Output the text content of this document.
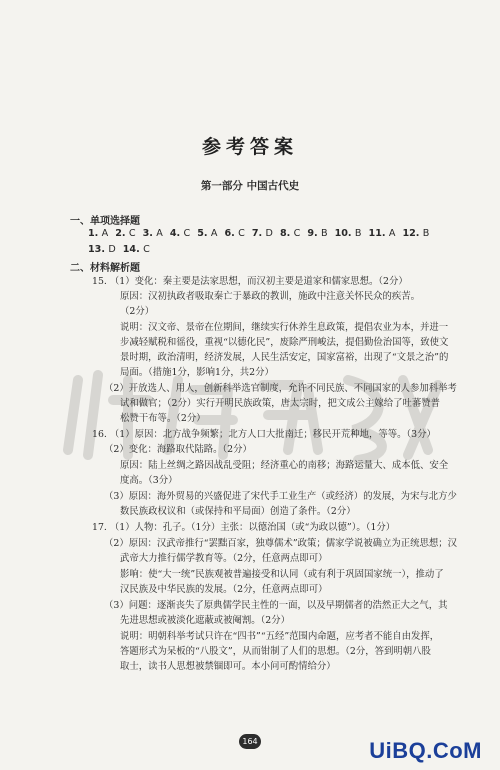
参考答案
第一部分 中国古代史
一、单项选择题
1. A 2. C 3. A 4. C 5. A 6. C 7. D 8. C 9. B 10. B 11. A 12. B
13. D 14. C
二、材料解析题
15. （1）变化：秦主要是法家思想，而汉初主要是道家和儒家思想。（2分）
原因：汉初执政者吸取秦亡于暴政的教训，施政中注意关怀民众的疾苦。
（2分）
说明：汉文帝、景帝在位期间，继续实行休养生息政策，提倡农业为本，并进一
步减轻赋税和徭役，重视“以德化民”，废除严刑峻法，提倡勤俭治国等，致使文
景时期，政治清明，经济发展，人民生活安定，国家富裕，出现了“文景之治”的
局面。（措施1分，影响1分，共2分）
（2）开放选人、用人，创新科举选官制度，允许不同民族、不同国家的人参加科举考
试和做官；（2分）实行开明民族政策，唐太宗时，把文成公主嫁给了吐蕃赞普
松赞干布等。（2分）
16. （1）原因：北方战争频繁；北方人口大批南迁；移民开荒种地，等等。（3分）
（2）变化：海路取代陆路。（2分）
原因：陆上丝绸之路因战乱受阻；经济重心的南移；海路运量大、成本低、安全
度高。（3分）
（3）原因：海外贸易的兴盛促进了宋代手工业生产（或经济）的发展，为宋与北方少
数民族政权议和（或保持和平局面）创造了条件。（2分）
17. （1）人物：孔子。（1分）主张：以德治国（或“为政以德”）。（1分）
（2）原因：汉武帝推行“罢黜百家，独尊儒术”政策；儒家学说被确立为正统思想；汉
武帝大力推行儒学教育等。（2分，任意两点即可）
影响：使“大一统”民族观被普遍接受和认同（或有利于巩固国家统一），推动了
汉民族及中华民族的发展。（2分，任意两点即可）
（3）问题：逐渐丧失了原典儒学民主性的一面，以及早期儒者的浩然正大之气，其
先进思想或被淡化遮蔽或被阉割。（2分）
说明：明朝科举考试只许在“四书”“五经”范围内命题，应考者不能自由发挥，
答题形式为呆板的“八股文”，从而钳制了人们的思想。（2分，答到明朝八股
取士，读书人思想被禁锢即可。本小问可酌情给分）
164	UiBQ.CoM
